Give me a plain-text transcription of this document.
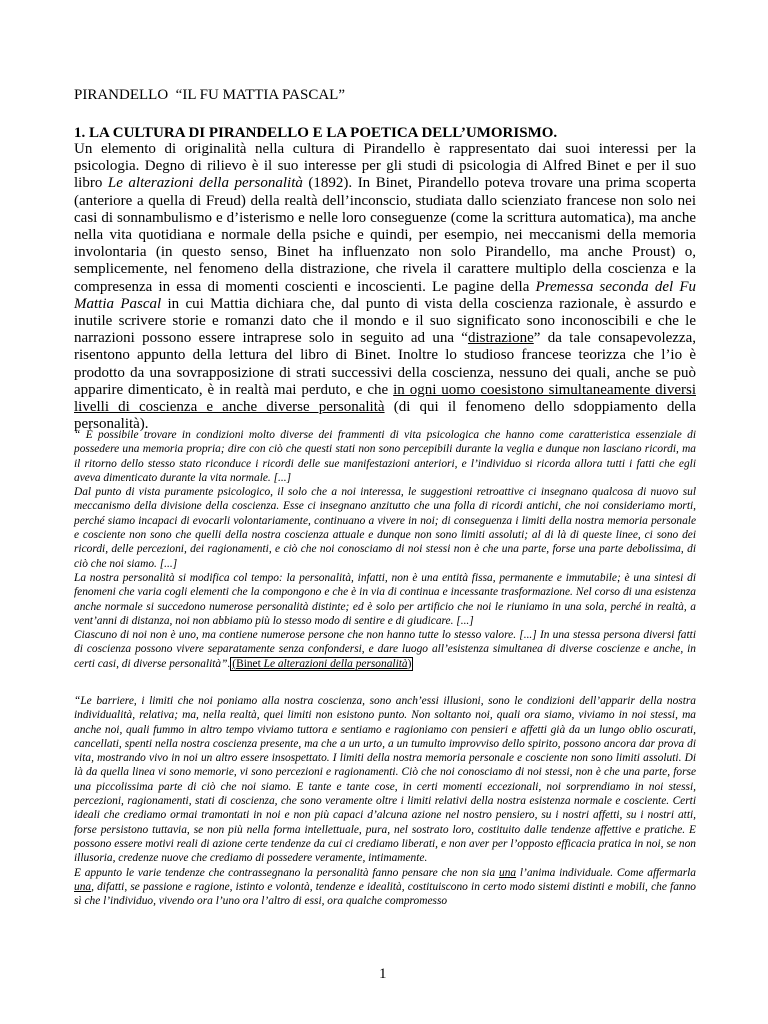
PIRANDELLO  “IL FU MATTIA PASCAL”
1. LA CULTURA DI PIRANDELLO E LA POETICA DELL’UMORISMO.

Un elemento di originalità nella cultura di Pirandello è rappresentato dai suoi interessi per la psicologia. Degno di rilievo è il suo interesse per gli studi di psicologia di Alfred Binet e per il suo libro Le alterazioni della personalità (1892). In Binet, Pirandello poteva trovare una prima scoperta (anteriore a quella di Freud) della realtà dell’inconscio, studiata dallo scienziato francese non solo nei casi di sonnambulismo e d’isterismo e nelle loro conseguenze (come la scrittura automatica), ma anche nella vita quotidiana e normale della psiche e quindi, per esempio, nei meccanismi della memoria involontaria (in questo senso, Binet ha influenzato non solo Pirandello, ma anche Proust) o, semplicemente, nel fenomeno della distrazione, che rivela il carattere multiplo della coscienza e la compresenza in essa di momenti coscienti e incoscienti. Le pagine della Premessa seconda del Fu Mattia Pascal in cui Mattia dichiara che, dal punto di vista della coscienza razionale, è assurdo e inutile scrivere storie e romanzi dato che il mondo e il suo significato sono inconoscibili e che le narrazioni possono essere intraprese solo in seguito ad una “distrazione” da tale consapevolezza, risentono appunto della lettura del libro di Binet. Inoltre lo studioso francese teorizza che l’io è prodotto da una sovrapposizione di strati successivi della coscienza, nessuno dei quali, anche se può apparire dimenticato, è in realtà mai perduto, e che in ogni uomo coesistono simultaneamente diversi livelli di coscienza e anche diverse personalità (di qui il fenomeno dello sdoppiamento della personalità).

“ È possibile trovare in condizioni molto diverse dei frammenti di vita psicologica che hanno come caratteristica essenziale di possedere una memoria propria; dire con ciò che questi stati non sono percepibili durante la veglia e dunque non lasciano ricordi, ma il ritorno dello stesso stato riconduce i ricordi delle sue manifestazioni anteriori, e l’individuo si ricorda allora tutti i fatti che egli aveva dimenticato durante la vita normale. [...]
Dal punto di vista puramente psicologico, il solo che a noi interessa, le suggestioni retroattive ci insegnano qualcosa di nuovo sul meccanismo della divisione della coscienza. Esse ci insegnano anzitutto che una folla di ricordi antichi, che noi consideriamo morti, perché siamo incapaci di evocarli volontariamente, continuano a vivere in noi; di conseguenza i limiti della nostra memoria personale e cosciente non sono che quelli della nostra coscienza attuale e dunque non sono limiti assoluti; al di là di queste linee, ci sono dei ricordi, delle percezioni, dei ragionamenti, e ciò che noi conosciamo di noi stessi non è che una parte, forse una parte debolissima, di ciò che noi siamo. [...]
La nostra personalità si modifica col tempo: la personalità, infatti, non è una entità fissa, permanente e immutabile; è una sintesi di fenomeni che varia cogli elementi che la compongono e che è in via di continua e incessante trasformazione. Nel corso di una esistenza anche normale si succedono numerose personalità distinte; ed è solo per artificio che noi le riuniamo in una sola, perché in realtà, a vent’anni di distanza, noi non abbiamo più lo stesso modo di sentire e di giudicare. [...]
Ciascuno di noi non è uno, ma contiene numerose persone che non hanno tutte lo stesso valore. [...] In una stessa persona diversi fatti di coscienza possono vivere separatamente senza confondersi, e dare luogo all’esistenza simultanea di diverse coscienze e anche, in certi casi, di diverse personalità”. (Binet Le alterazioni della personalità)
“Le barriere, i limiti che noi poniamo alla nostra coscienza, sono anch’essi illusioni, sono le condizioni dell’apparir della nostra individualità, relativa; ma, nella realtà, quei limiti non esistono punto. Non soltanto noi, quali ora siamo, viviamo in noi stessi, ma anche noi, quali fummo in altro tempo viviamo tuttora e sentiamo e ragioniamo con pensieri e affetti già da un lungo oblio oscurati, cancellati, spenti nella nostra coscienza presente, ma che a un urto, a un tumulto improvviso dello spirito, possono ancora dar prova di vita, mostrando vivo in noi un altro essere insospettato. I limiti della nostra memoria personale e cosciente non sono limiti assoluti. Di là da quella linea vi sono memorie, vi sono percezioni e ragionamenti. Ciò che noi conosciamo di noi stessi, non è che una parte, forse una piccolissima parte di ciò che noi siamo. E tante e tante cose, in certi momenti eccezionali, noi sorprendiamo in noi stessi, percezioni, ragionamenti, stati di coscienza, che sono veramente oltre i limiti relativi della nostra esistenza normale e cosciente. Certi ideali che crediamo ormai tramontati in noi e non più capaci d’alcuna azione nel nostro pensiero, su i nostri affetti, su i nostri atti, forse persistono tuttavia, se non più nella forma intellettuale, pura, nel sostrato loro, costituito dalle tendenze affettive e pratiche. E possono essere motivi reali di azione certe tendenze da cui ci crediamo liberati, e non aver per l’opposto efficacia pratica in noi, se non illusoria, credenze nuove che crediamo di possedere veramente, intimamente.
E appunto le varie tendenze che contrassegnano la personalità fanno pensare che non sia una l’anima individuale. Come affermarla una, difatti, se passione e ragione, istinto e volontà, tendenze e idealità, costituiscono in certo modo sistemi distinti e mobili, che fanno sì che l’individuo, vivendo ora l’uno ora l’altro di essi, ora qualche compromesso
1
